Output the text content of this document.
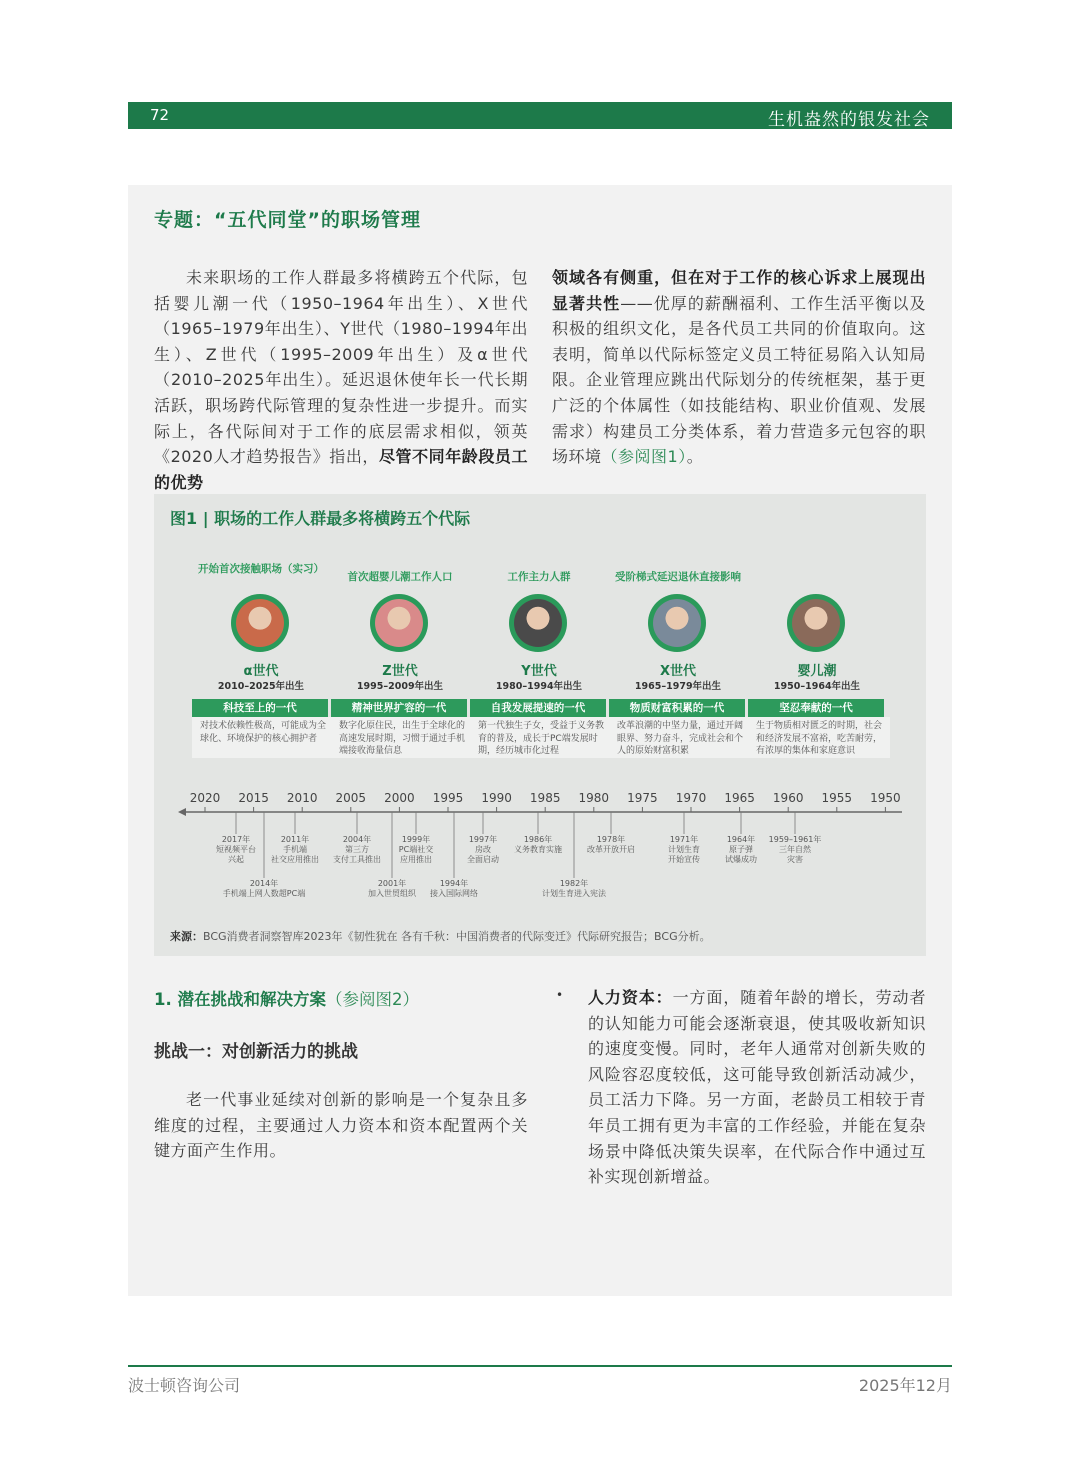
72	生机盎然的银发社会
专题：“五代同堂”的职场管理
未来职场的工作人群最多将横跨五个代际，包括婴儿潮一代（1950–1964年出生）、X世代（1965–1979年出生）、Y世代（1980–1994年出生）、Z世代（1995–2009年出生）及α世代（2010–2025年出生）。延迟退休使年长一代长期活跃，职场跨代际管理的复杂性进一步提升。而实际上，各代际间对于工作的底层需求相似，领英《2020人才趋势报告》指出，尽管不同年龄段员工的优势
领域各有侧重，但在对于工作的核心诉求上展现出显著共性——优厚的薪酬福利、工作生活平衡以及积极的组织文化，是各代员工共同的价值取向。这表明，简单以代际标签定义员工特征易陷入认知局限。企业管理应跳出代际划分的传统框架，基于更广泛的个体属性（如技能结构、职业价值观、发展需求）构建员工分类体系，着力营造多元包容的职场环境（参阅图1）。
图1 | 职场的工作人群最多将横跨五个代际
开始首次接触职场（实习）
α世代
2010–2025年出生
科技至上的一代
对技术依赖性极高，可能成为全球化、环境保护的核心拥护者
首次超婴儿潮工作人口
Z世代
1995–2009年出生
精神世界扩容的一代
数字化原住民，出生于全球化的高速发展时期，习惯于通过手机端接收海量信息
工作主力人群
Y世代
1980–1994年出生
自我发展提速的一代
第一代独生子女，受益于义务教育的普及，成长于PC端发展时期，经历城市化过程
受阶梯式延迟退休直接影响
X世代
1965–1979年出生
物质财富积累的一代
改革浪潮的中坚力量，通过开阔眼界、努力奋斗，完成社会和个人的原始财富积累
婴儿潮
1950–1964年出生
坚忍奉献的一代
生于物质相对匮乏的时期，社会和经济发展不富裕，吃苦耐劳，有浓厚的集体和家庭意识
2020 2015 2010 2005 2000 1995 1990 1985 1980 1975 1970 1965 1960 1955 1950
2017年
短视频平台
兴起
2011年
手机端
社交应用推出
2004年
第三方
支付工具推出
1999年
PC端社交
应用推出
1997年
房改
全面启动
1986年
义务教育实施
1978年
改革开放开启
1971年
计划生育
开始宣传
1964年
原子弹
试爆成功
1959–1961年
三年自然
灾害
2014年
手机端上网人数超PC端
2001年
加入世贸组织
1994年
接入国际网络
1982年
计划生育进入宪法
来源：BCG消费者洞察智库2023年《韧性犹在 各有千秋：中国消费者的代际变迁》代际研究报告；BCG分析。
1. 潜在挑战和解决方案（参阅图2）
挑战一：对创新活力的挑战
老一代事业延续对创新的影响是一个复杂且多维度的过程，主要通过人力资本和资本配置两个关键方面产生作用。
• 人力资本：一方面，随着年龄的增长，劳动者的认知能力可能会逐渐衰退，使其吸收新知识的速度变慢。同时，老年人通常对创新失败的风险容忍度较低，这可能导致创新活动减少，员工活力下降。另一方面，老龄员工相较于青年员工拥有更为丰富的工作经验，并能在复杂场景中降低决策失误率，在代际合作中通过互补实现创新增益。
波士顿咨询公司	2025年12月
